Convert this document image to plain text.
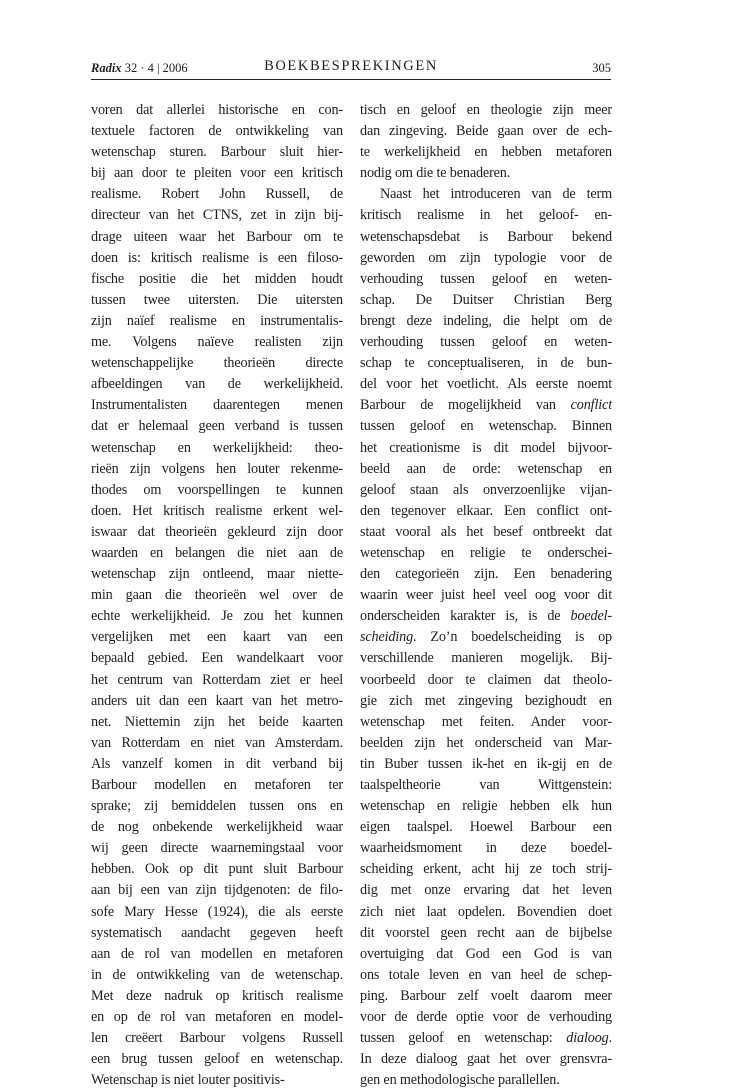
Radix 32 · 4 | 2006	BOEKBESPREKINGEN	305
voren dat allerlei historische en con-
textuele factoren de ontwikkeling van
wetenschap sturen. Barbour sluit hier-
bij aan door te pleiten voor een kritisch
realisme. Robert John Russell, de
directeur van het CTNS, zet in zijn bij-
drage uiteen waar het Barbour om te
doen is: kritisch realisme is een filoso-
fische positie die het midden houdt
tussen twee uitersten. Die uitersten
zijn naïef realisme en instrumentalis-
me. Volgens naïeve realisten zijn
wetenschappelijke theorieën directe
afbeeldingen van de werkelijkheid.
Instrumentalisten daarentegen menen
dat er helemaal geen verband is tussen
wetenschap en werkelijkheid: theo-
rieën zijn volgens hen louter rekenme-
thodes om voorspellingen te kunnen
doen. Het kritisch realisme erkent wel-
iswaar dat theorieën gekleurd zijn door
waarden en belangen die niet aan de
wetenschap zijn ontleend, maar niette-
min gaan die theorieën wel over de
echte werkelijkheid. Je zou het kunnen
vergelijken met een kaart van een
bepaald gebied. Een wandelkaart voor
het centrum van Rotterdam ziet er heel
anders uit dan een kaart van het metro-
net. Niettemin zijn het beide kaarten
van Rotterdam en niet van Amsterdam.
Als vanzelf komen in dit verband bij
Barbour modellen en metaforen ter
sprake; zij bemiddelen tussen ons en
de nog onbekende werkelijkheid waar
wij geen directe waarnemingstaal voor
hebben. Ook op dit punt sluit Barbour
aan bij een van zijn tijdgenoten: de filo-
sofe Mary Hesse (1924), die als eerste
systematisch aandacht gegeven heeft
aan de rol van modellen en metaforen
in de ontwikkeling van de wetenschap.
Met deze nadruk op kritisch realisme
en op de rol van metaforen en model-
len creëert Barbour volgens Russell
een brug tussen geloof en wetenschap.
Wetenschap is niet louter positivis-
tisch en geloof en theologie zijn meer
dan zingeving. Beide gaan over de ech-
te werkelijkheid en hebben metaforen
nodig om die te benaderen.
Naast het introduceren van de term
kritisch realisme in het geloof- en-
wetenschapsdebat is Barbour bekend
geworden om zijn typologie voor de
verhouding tussen geloof en weten-
schap. De Duitser Christian Berg
brengt deze indeling, die helpt om de
verhouding tussen geloof en weten-
schap te conceptualiseren, in de bun-
del voor het voetlicht. Als eerste noemt
Barbour de mogelijkheid van conflict
tussen geloof en wetenschap. Binnen
het creationisme is dit model bijvoor-
beeld aan de orde: wetenschap en
geloof staan als onverzoenlijke vijan-
den tegenover elkaar. Een conflict ont-
staat vooral als het besef ontbreekt dat
wetenschap en religie te onderschei-
den categorieën zijn. Een benadering
waarin weer juist heel veel oog voor dit
onderscheiden karakter is, is de boedel-
scheiding. Zo’n boedelscheiding is op
verschillende manieren mogelijk. Bij-
voorbeeld door te claimen dat theolo-
gie zich met zingeving bezighoudt en
wetenschap met feiten. Ander voor-
beelden zijn het onderscheid van Mar-
tin Buber tussen ik-het en ik-gij en de
taalspeltheorie van Wittgenstein:
wetenschap en religie hebben elk hun
eigen taalspel. Hoewel Barbour een
waarheidsmoment in deze boedel-
scheiding erkent, acht hij ze toch strij-
dig met onze ervaring dat het leven
zich niet laat opdelen. Bovendien doet
dit voorstel geen recht aan de bijbelse
overtuiging dat God een God is van
ons totale leven en van heel de schep-
ping. Barbour zelf voelt daarom meer
voor de derde optie voor de verhouding
tussen geloof en wetenschap: dialoog.
In deze dialoog gaat het over grensvra-
gen en methodologische parallellen.
